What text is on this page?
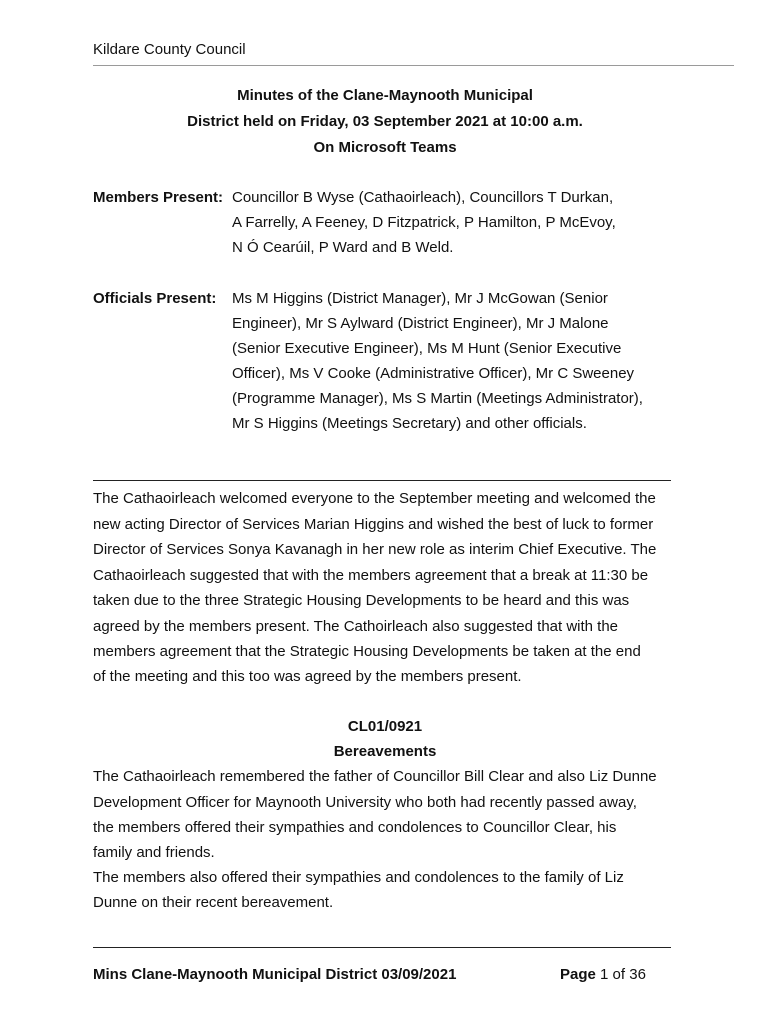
Kildare County Council
Minutes of the Clane-Maynooth Municipal
District held on Friday, 03 September 2021 at 10:00 a.m.
On Microsoft Teams
Members Present: Councillor B Wyse (Cathaoirleach), Councillors T Durkan,
A Farrelly, A Feeney, D Fitzpatrick, P Hamilton, P McEvoy,
N Ó Cearúil, P Ward and B Weld.
Officials Present: Ms M Higgins (District Manager), Mr J McGowan (Senior
Engineer), Mr S Aylward (District Engineer), Mr J Malone
(Senior Executive Engineer), Ms M Hunt (Senior Executive
Officer), Ms V Cooke (Administrative Officer), Mr C Sweeney
(Programme Manager), Ms S Martin (Meetings Administrator),
Mr S Higgins (Meetings Secretary) and other officials.
The Cathaoirleach welcomed everyone to the September meeting and welcomed the
new acting Director of Services Marian Higgins and wished the best of luck to former
Director of Services Sonya Kavanagh in her new role as interim Chief Executive. The
Cathaoirleach suggested that with the members agreement that a break at 11:30 be
taken due to the three Strategic Housing Developments to be heard and this was
agreed by the members present. The Cathoirleach also suggested that with the
members agreement that the Strategic Housing Developments be taken at the end
of the meeting and this too was agreed by the members present.
CL01/0921
Bereavements
The Cathaoirleach remembered the father of Councillor Bill Clear and also Liz Dunne
Development Officer for Maynooth University who both had recently passed away,
the members offered their sympathies and condolences to Councillor Clear, his
family and friends.
The members also offered their sympathies and condolences to the family of Liz
Dunne on their recent bereavement.
Mins Clane-Maynooth Municipal District 03/09/2021	Page 1 of 36
